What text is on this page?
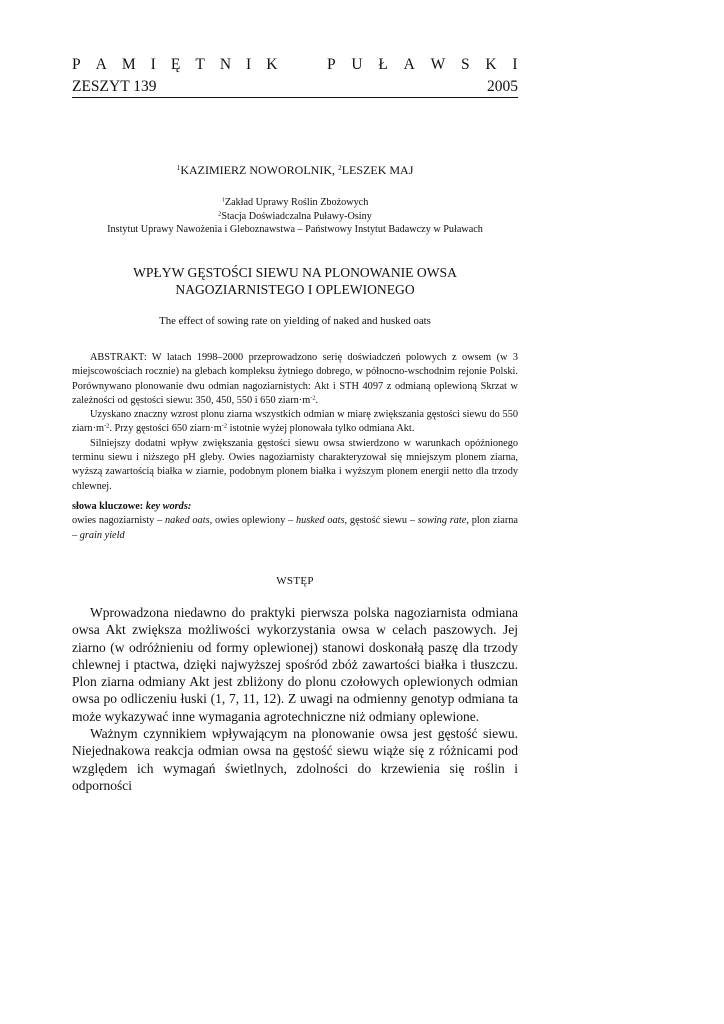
P A M I Ę T N I K	P U Ł A W S K I
ZESZYT 139	2005
$^1$KAZIMIERZ NOWOROLNIK, $^2$LESZEK MAJ
$^1$Zakład Uprawy Roślin Zbożowych
$^2$Stacja Doświadczalna Puławy-Osiny
Instytut Uprawy Nawożenia i Gleboznawstwa – Państwowy Instytut Badawczy w Puławach
WPŁYW GĘSTOŚCI SIEWU NA PLONOWANIE OWSA
NAGOZIARNISTEGO I OPLEWIONEGO
The effect of sowing rate on yielding of naked and husked oats

ABSTRAKT: W latach 1998–2000 przeprowadzono serię doświadczeń polowych z owsem (w 3 miejscowościach rocznie) na glebach kompleksu żytniego dobrego, w północno-wschodnim rejonie Polski. Porównywano plonowanie dwu odmian nagoziarnistych: Akt i STH 4097 z odmianą oplewioną Skrzat w zależności od gęstości siewu: 350, 450, 550 i 650 $ziarn\cdot m^{-2}$.

Uzyskano znaczny wzrost plonu ziarna wszystkich odmian w miarę zwiększania gęstości siewu do 550 $ziarn\cdot m^{-2}$. Przy gęstości 650 $ziarn\cdot m^{-2}$ istotnie wyżej plonowała tylko odmiana Akt.

Silniejszy dodatni wpływ zwiększania gęstości siewu owsa stwierdzono w warunkach opóźnionego terminu siewu i niższego pH gleby. Owies nagoziarnisty charakteryzował się mniejszym plonem ziarna, wyższą zawartością białka w ziarnie, podobnym plonem białka i wyższym plonem energii netto dla trzody chlewnej.

słowa kluczowe: key words:

owies nagoziarnisty – naked oats, owies oplewiony – husked oats, gęstość siewu – sowing rate, plon ziarna – grain yield

WSTĘP

Wprowadzona niedawno do praktyki pierwsza polska nagoziarnista odmiana owsa Akt zwiększa możliwości wykorzystania owsa w celach paszowych. Jej ziarno (w odróżnieniu od formy oplewionej) stanowi doskonałą paszę dla trzody chlewnej i ptactwa, dzięki najwyższej spośród zbóż zawartości białka i tłuszczu. Plon ziarna odmiany Akt jest zbliżony do plonu czołowych oplewionych odmian owsa po odliczeniu łuski (1, 7, 11, 12). Z uwagi na odmienny genotyp odmiana ta może wykazywać inne wymagania agrotechniczne niż odmiany oplewione.

Ważnym czynnikiem wpływającym na plonowanie owsa jest gęstość siewu. Niejednakowa reakcja odmian owsa na gęstość siewu wiąże się z różnicami pod względem ich wymagań świetlnych, zdolności do krzewienia się roślin i odporności
